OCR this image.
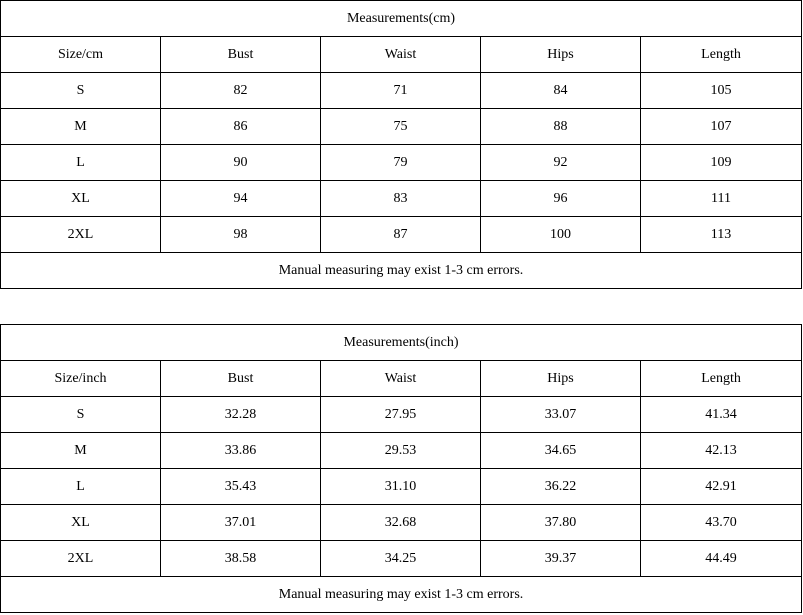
Measurements(cm)				
Size/cm	Bust	Waist	Hips	Length
S	82	71	84	105
M	86	75	88	107
L	90	79	92	109
XL	94	83	96	111
2XL	98	87	100	113
Manual measuring may exist 1-3 cm errors.				
Measurements(inch)				
Size/inch	Bust	Waist	Hips	Length
S	32.28	27.95	33.07	41.34
M	33.86	29.53	34.65	42.13
L	35.43	31.10	36.22	42.91
XL	37.01	32.68	37.80	43.70
2XL	38.58	34.25	39.37	44.49
Manual measuring may exist 1-3 cm errors.				
